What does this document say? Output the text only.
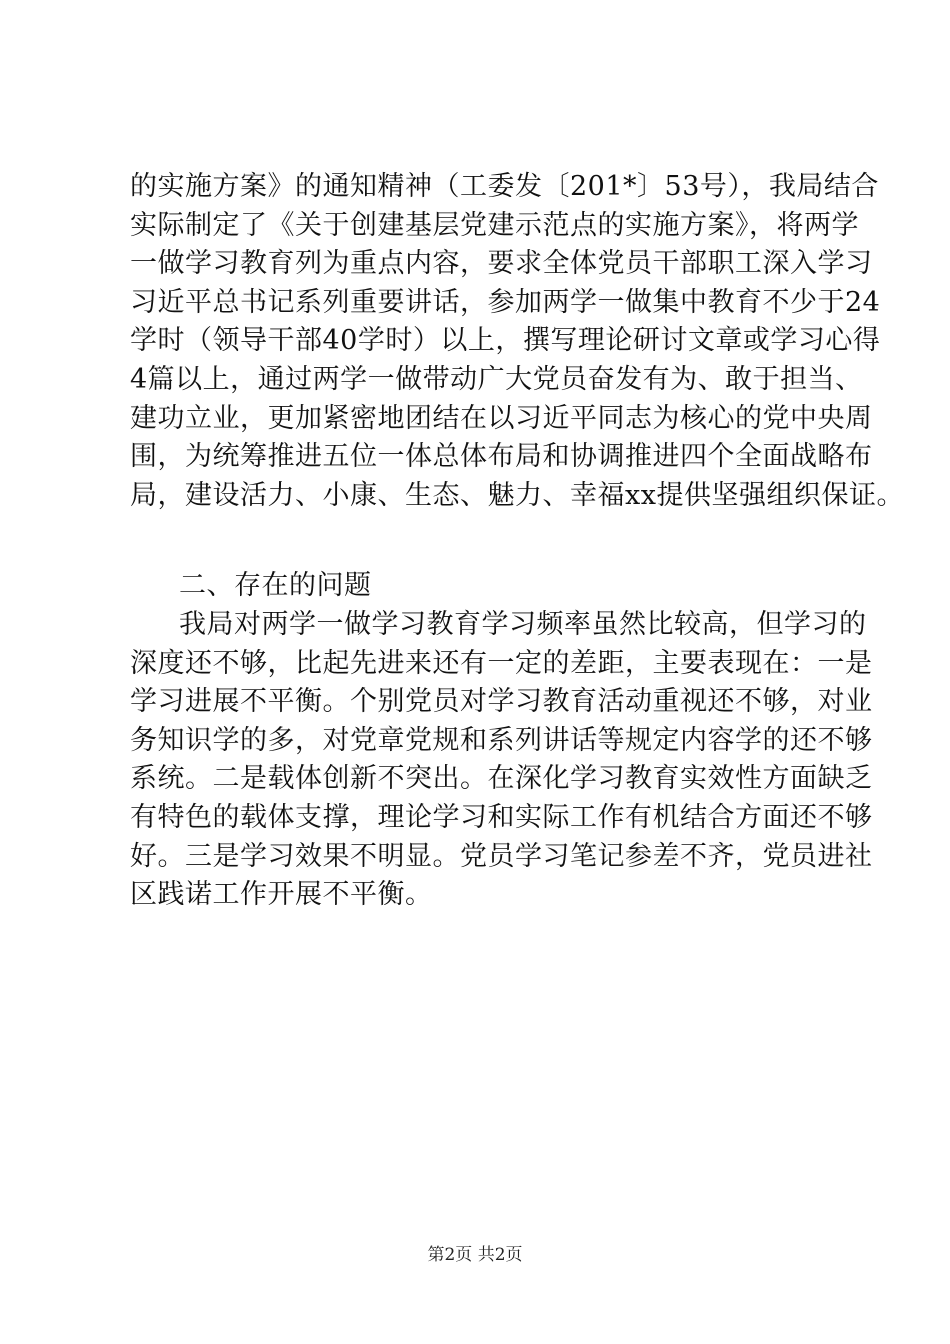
的实施方案》的通知精神（工委发〔201*〕53号），我局结合
实际制定了《关于创建基层党建示范点的实施方案》，将两学
一做学习教育列为重点内容，要求全体党员干部职工深入学习
习近平总书记系列重要讲话，参加两学一做集中教育不少于24
学时（领导干部40学时）以上，撰写理论研讨文章或学习心得
4篇以上，通过两学一做带动广大党员奋发有为、敢于担当、
建功立业，更加紧密地团结在以习近平同志为核心的党中央周
围，为统筹推进五位一体总体布局和协调推进四个全面战略布
局，建设活力、小康、生态、魅力、幸福xx提供坚强组织保证。
二、存在的问题
我局对两学一做学习教育学习频率虽然比较高，但学习的
深度还不够，比起先进来还有一定的差距，主要表现在：一是
学习进展不平衡。个别党员对学习教育活动重视还不够，对业
务知识学的多，对党章党规和系列讲话等规定内容学的还不够
系统。二是载体创新不突出。在深化学习教育实效性方面缺乏
有特色的载体支撑，理论学习和实际工作有机结合方面还不够
好。三是学习效果不明显。党员学习笔记参差不齐，党员进社
区践诺工作开展不平衡。
第2页 共2页
